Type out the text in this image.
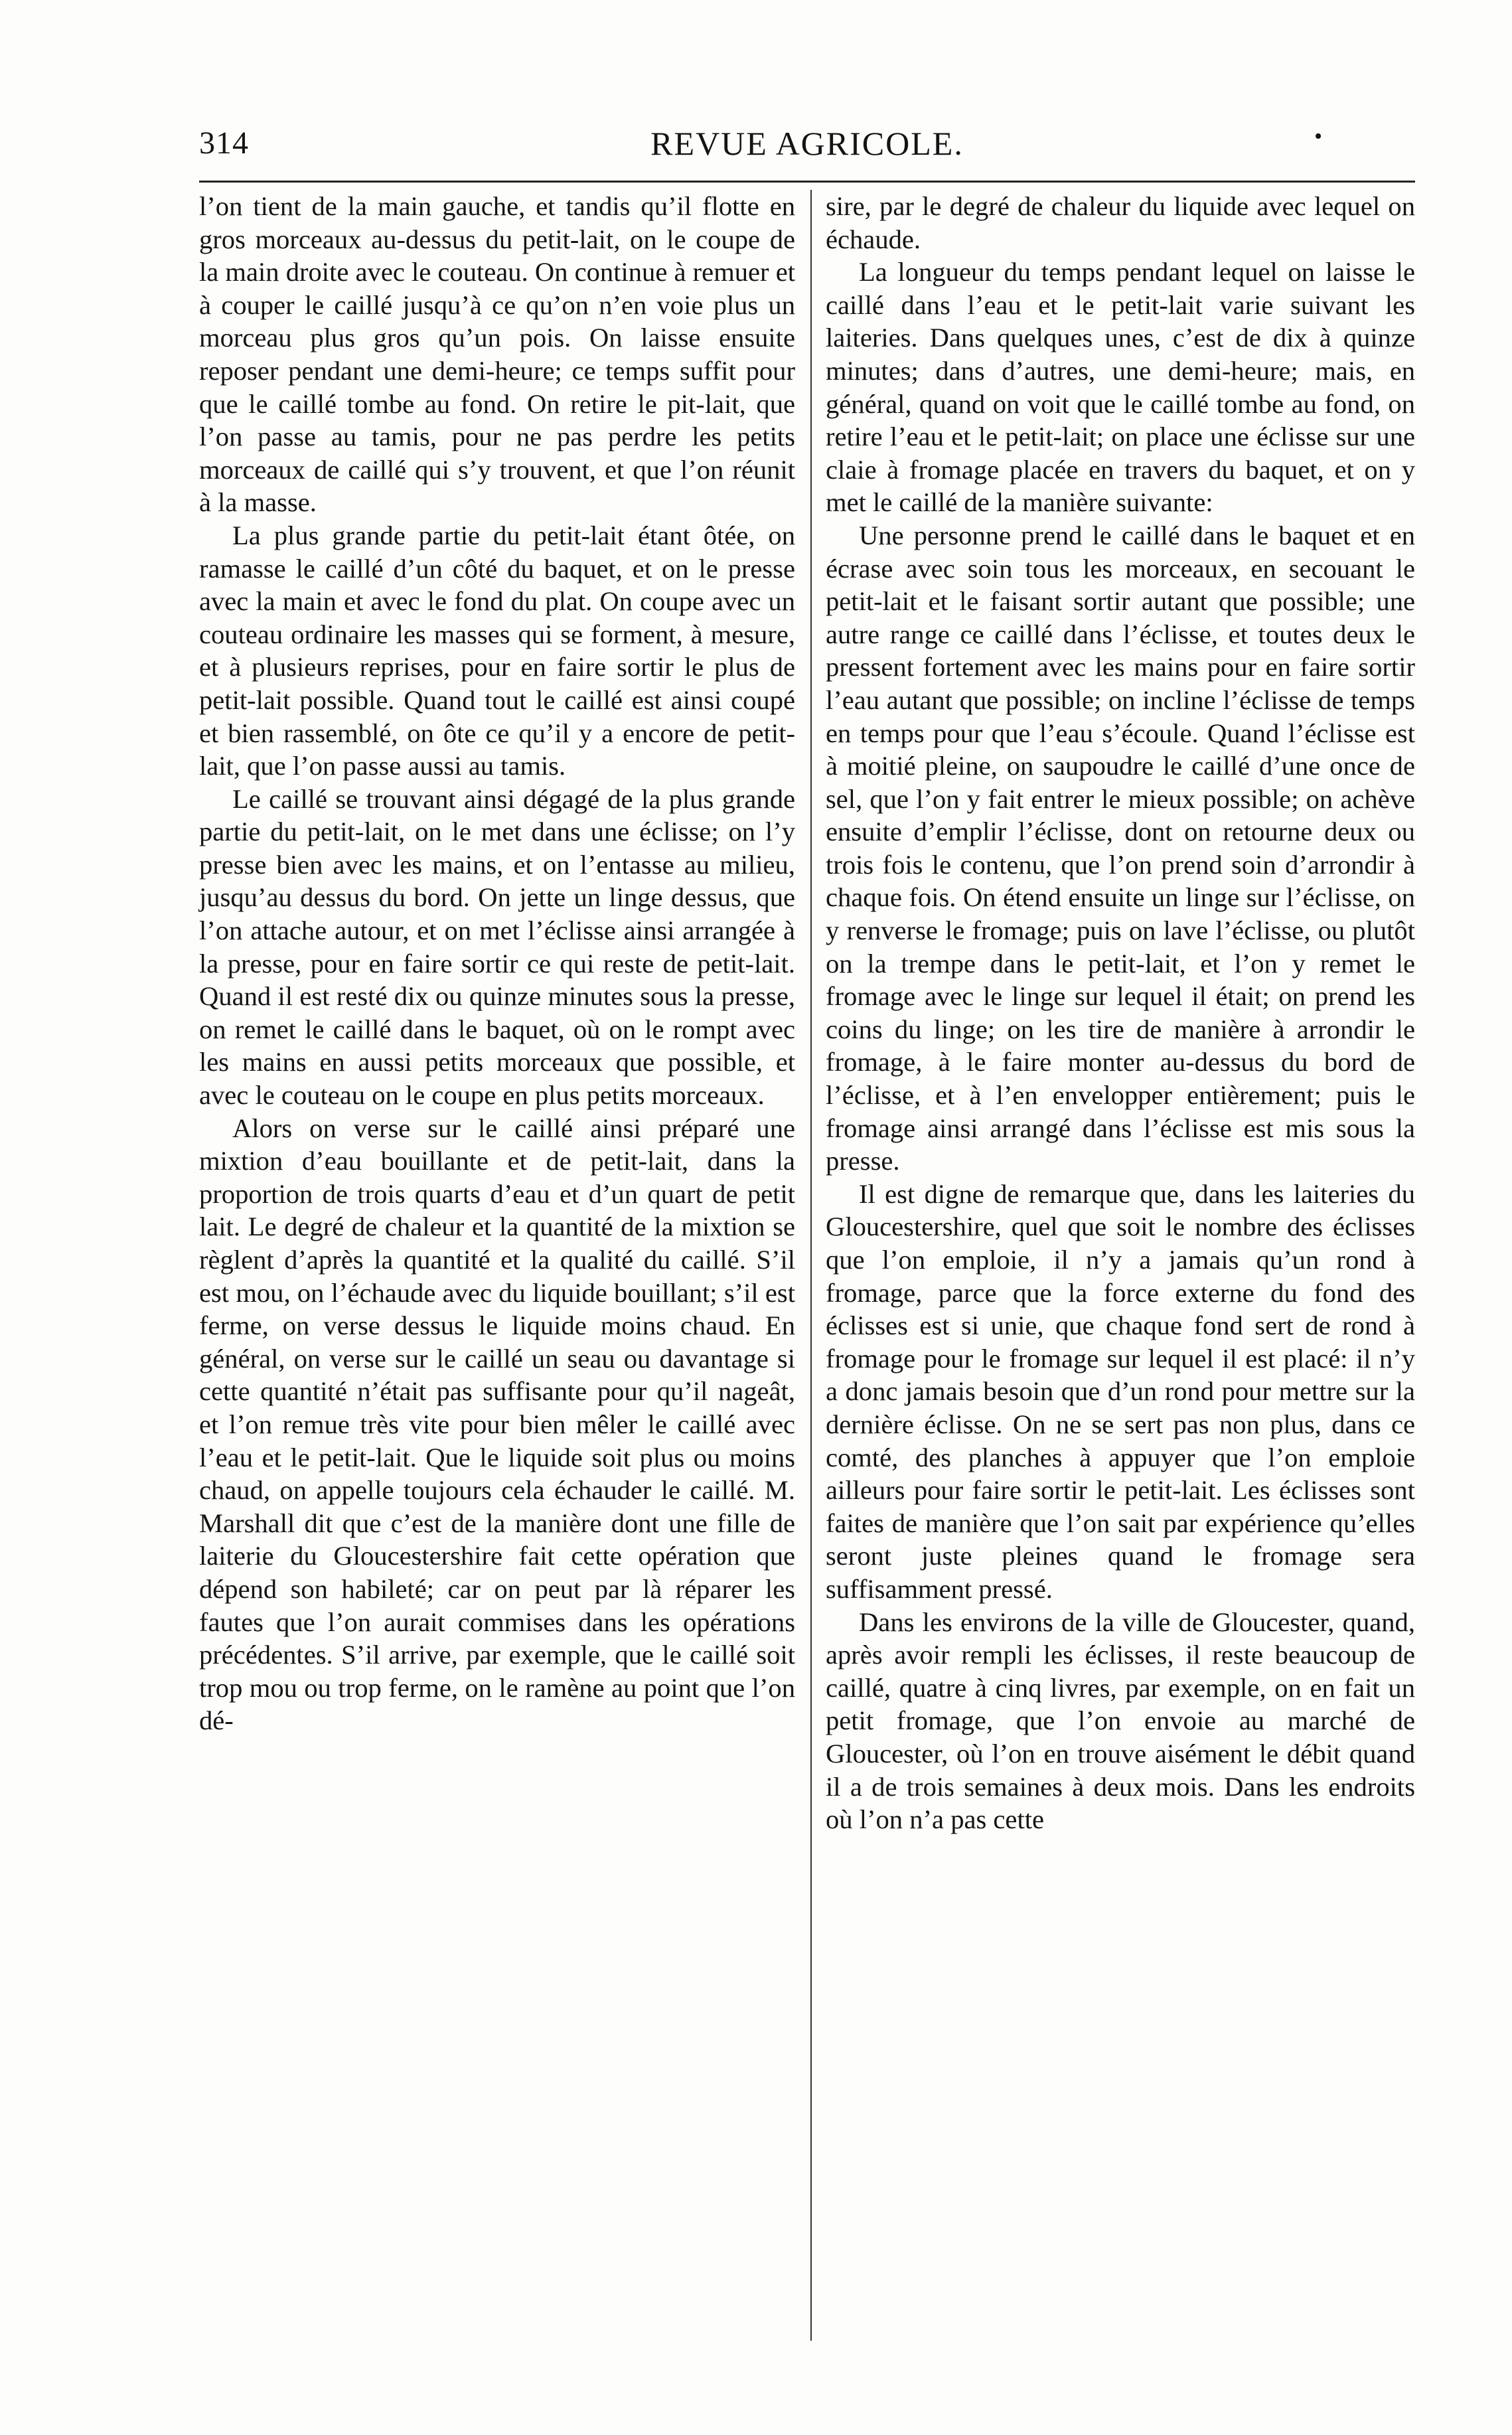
314	REVUE AGRICOLE.	•

l’on tient de la main gauche, et tandis qu’il flotte en gros morceaux au-dessus du petit-lait, on le coupe de la main droite avec le couteau. On continue à remuer et à couper le caillé jusqu’à ce qu’on n’en voie plus un morceau plus gros qu’un pois. On laisse ensuite reposer pendant une demi-heure; ce temps suffit pour que le caillé tombe au fond. On retire le pit-lait, que l’on passe au tamis, pour ne pas perdre les petits morceaux de caillé qui s’y trouvent, et que l’on réunit à la masse.

La plus grande partie du petit-lait étant ôtée, on ramasse le caillé d’un côté du baquet, et on le presse avec la main et avec le fond du plat. On coupe avec un couteau ordinaire les masses qui se forment, à mesure, et à plusieurs reprises, pour en faire sortir le plus de petit-lait possible. Quand tout le caillé est ainsi coupé et bien rassemblé, on ôte ce qu’il y a encore de petit-lait, que l’on passe aussi au tamis.

Le caillé se trouvant ainsi dégagé de la plus grande partie du petit-lait, on le met dans une éclisse; on l’y presse bien avec les mains, et on l’entasse au milieu, jusqu’au dessus du bord. On jette un linge dessus, que l’on attache autour, et on met l’éclisse ainsi arrangée à la presse, pour en faire sortir ce qui reste de petit-lait. Quand il est resté dix ou quinze minutes sous la presse, on remet le caillé dans le baquet, où on le rompt avec les mains en aussi petits morceaux que possible, et avec le couteau on le coupe en plus petits morceaux.

Alors on verse sur le caillé ainsi préparé une mixtion d’eau bouillante et de petit-lait, dans la proportion de trois quarts d’eau et d’un quart de petit lait. Le degré de chaleur et la quantité de la mixtion se règlent d’après la quantité et la qualité du caillé. S’il est mou, on l’échaude avec du liquide bouillant; s’il est ferme, on verse dessus le liquide moins chaud. En général, on verse sur le caillé un seau ou davantage si cette quantité n’était pas suffisante pour qu’il nageât, et l’on remue très vite pour bien mêler le caillé avec l’eau et le petit-lait. Que le liquide soit plus ou moins chaud, on appelle toujours cela échauder le caillé. M. Marshall dit que c’est de la manière dont une fille de laiterie du Gloucestershire fait cette opération que dépend son habileté; car on peut par là réparer les fautes que l’on aurait commises dans les opérations précédentes. S’il arrive, par exemple, que le caillé soit trop mou ou trop ferme, on le ramène au point que l’on dé-

sire, par le degré de chaleur du liquide avec lequel on échaude.

La longueur du temps pendant lequel on laisse le caillé dans l’eau et le petit-lait varie suivant les laiteries. Dans quelques unes, c’est de dix à quinze minutes; dans d’autres, une demi-heure; mais, en général, quand on voit que le caillé tombe au fond, on retire l’eau et le petit-lait; on place une éclisse sur une claie à fromage placée en travers du baquet, et on y met le caillé de la manière suivante:

Une personne prend le caillé dans le baquet et en écrase avec soin tous les morceaux, en secouant le petit-lait et le faisant sortir autant que possible; une autre range ce caillé dans l’éclisse, et toutes deux le pressent fortement avec les mains pour en faire sortir l’eau autant que possible; on incline l’éclisse de temps en temps pour que l’eau s’écoule. Quand l’éclisse est à moitié pleine, on saupoudre le caillé d’une once de sel, que l’on y fait entrer le mieux possible; on achève ensuite d’emplir l’éclisse, dont on retourne deux ou trois fois le contenu, que l’on prend soin d’arrondir à chaque fois. On étend ensuite un linge sur l’éclisse, on y renverse le fromage; puis on lave l’éclisse, ou plutôt on la trempe dans le petit-lait, et l’on y remet le fromage avec le linge sur lequel il était; on prend les coins du linge; on les tire de manière à arrondir le fromage, à le faire monter au-dessus du bord de l’éclisse, et à l’en envelopper entièrement; puis le fromage ainsi arrangé dans l’éclisse est mis sous la presse.

Il est digne de remarque que, dans les laiteries du Gloucestershire, quel que soit le nombre des éclisses que l’on emploie, il n’y a jamais qu’un rond à fromage, parce que la force externe du fond des éclisses est si unie, que chaque fond sert de rond à fromage pour le fromage sur lequel il est placé: il n’y a donc jamais besoin que d’un rond pour mettre sur la dernière éclisse. On ne se sert pas non plus, dans ce comté, des planches à appuyer que l’on emploie ailleurs pour faire sortir le petit-lait. Les éclisses sont faites de manière que l’on sait par expérience qu’elles seront juste pleines quand le fromage sera suffisamment pressé.

Dans les environs de la ville de Gloucester, quand, après avoir rempli les éclisses, il reste beaucoup de caillé, quatre à cinq livres, par exemple, on en fait un petit fromage, que l’on envoie au marché de Gloucester, où l’on en trouve aisément le débit quand il a de trois semaines à deux mois. Dans les endroits où l’on n’a pas cette
